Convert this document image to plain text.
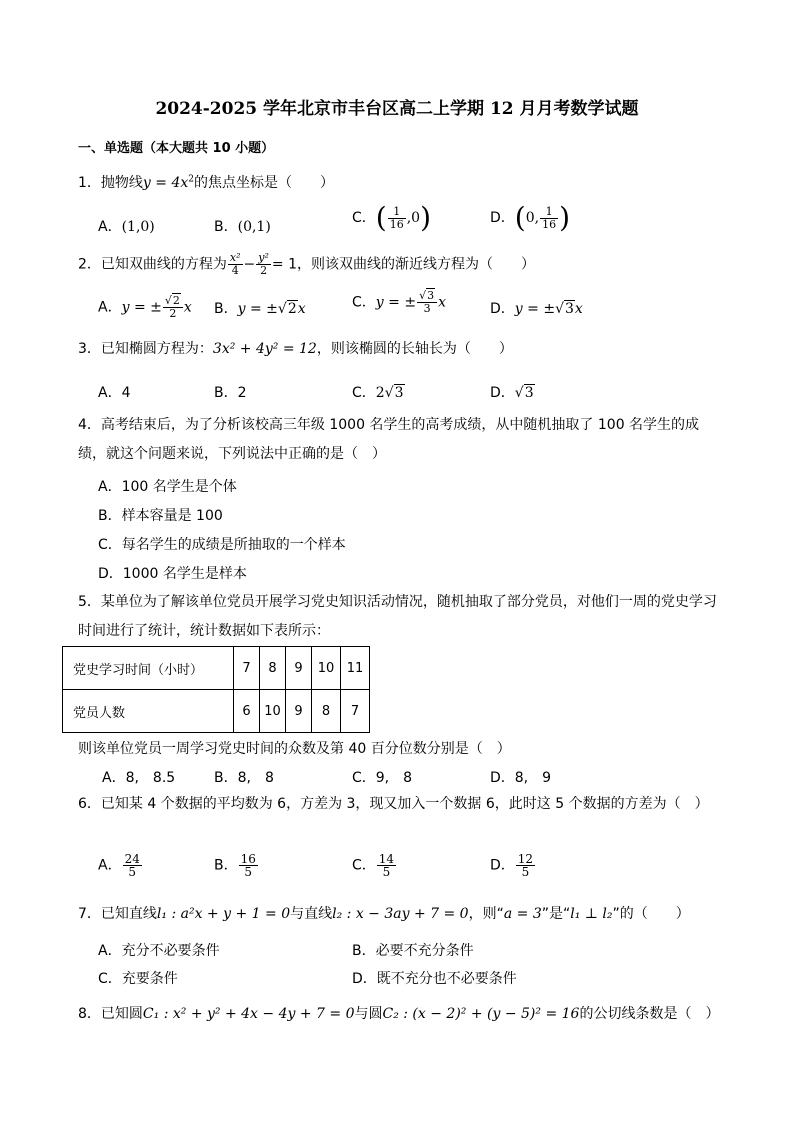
2024-2025 学年北京市丰台区高二上学期 12 月月考数学试题
一、单选题（本大题共 10 小题）
1．抛物线$y = 4x^2$的焦点坐标是（　　）
A．(1,0)	B．(0,1)
C．( $\frac{1}{16} ,0$)	D．(0, $\frac{1}{16}$ )
2．已知双曲线的方程为 $\frac{\text{x²}}{4} - \frac{\text{y²}}{2} = 1$，则该双曲线的渐近线方程为（　　）
A．y = ± $\frac{√2}{2}$ x B．y = ±√2x	C．y = ± $\frac{√3}{3}$ x	D．y = ±√3x
3．已知椭圆方程为：3x² + 4y² = 12，则该椭圆的长轴长为（　　）
A．4	B．2	C．2√3	D．√3
4．高考结束后，为了分析该校高三年级 1000 名学生的高考成绩，从中随机抽取了 100 名学生的成绩，就这个问题来说，下列说法中正确的是（　）
A．100 名学生是个体
B．样本容量是 100
C．每名学生的成绩是所抽取的一个样本
D．1000 名学生是样本
5．某单位为了解该单位党员开展学习党史知识活动情况，随机抽取了部分党员，对他们一周的党史学习时间进行了统计，统计数据如下表所示：
党史学习时间（小时）	7	8	9	10	11
党员人数	6	10	9	8	7
则该单位党员一周学习党史时间的众数及第 40 百分位数分别是（　）
A．8,　8.5	B．8,　8	C．9,　8	D．8,　9
6．已知某 4 个数据的平均数为 6，方差为 3，现又加入一个数据 6，此时这 5 个数据的方差为（　）
A． $\frac{24}{5}$	B． $\frac{16}{5}$	C． $\frac{14}{5}$	D． $\frac{12}{5}$
7．已知直线l₁ : a²x + y + 1 = 0与直线l₂ : x − 3ay + 7 = 0，则“a = 3”是“l₁ ⊥ l₂”的（　　）
A．充分不必要条件	B．必要不充分条件
C．充要条件	D．既不充分也不必要条件
8．已知圆C₁ : x² + y² + 4x − 4y + 7 = 0与圆C₂ : (x − 2)² + (y − 5)² = 16的公切线条数是（　）
